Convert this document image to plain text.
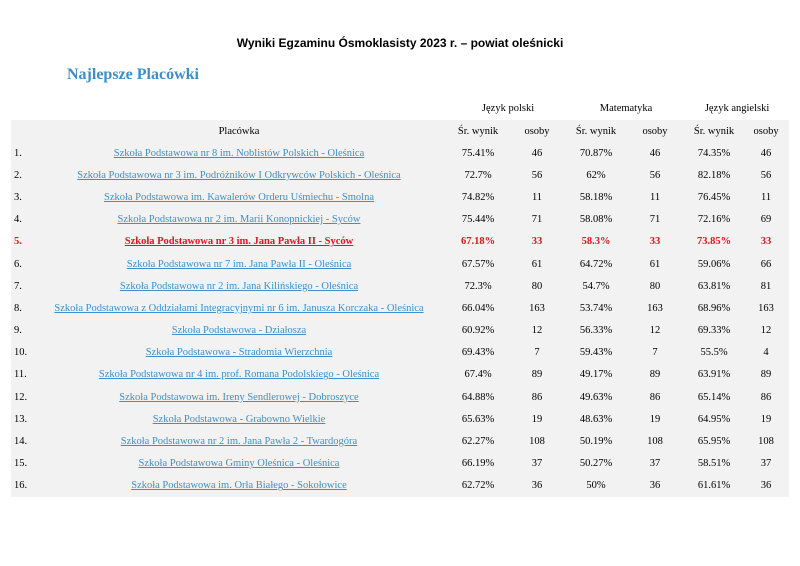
Wyniki Egzaminu Ósmoklasisty 2023 r. – powiat oleśnicki
Najlepsze Placówki
		Język polski		Matematyka		Język angielski	
	Placówka	Śr. wynik	osoby	Śr. wynik	osoby	Śr. wynik	osoby
1.	Szkoła Podstawowa nr 8 im. Noblistów Polskich - Oleśnica	75.41%	46	70.87%	46	74.35%	46
2.	Szkoła Podstawowa nr 3 im. Podróżników I Odkrywców Polskich - Oleśnica	72.7%	56	62%	56	82.18%	56
3.	Szkoła Podstawowa im. Kawalerów Orderu Uśmiechu - Smolna	74.82%	11	58.18%	11	76.45%	11
4.	Szkoła Podstawowa nr 2 im. Marii Konopnickiej - Syców	75.44%	71	58.08%	71	72.16%	69
5.	Szkoła Podstawowa nr 3 im. Jana Pawła II - Syców	67.18%	33	58.3%	33	73.85%	33
6.	Szkoła Podstawowa nr 7 im. Jana Pawła II - Oleśnica	67.57%	61	64.72%	61	59.06%	66
7.	Szkoła Podstawowa nr 2 im. Jana Kilińskiego - Oleśnica	72.3%	80	54.7%	80	63.81%	81
8.	Szkoła Podstawowa z Oddziałami Integracyjnymi nr 6 im. Janusza Korczaka - Oleśnica	66.04%	163	53.74%	163	68.96%	163
9.	Szkoła Podstawowa - Działosza	60.92%	12	56.33%	12	69.33%	12
10.	Szkoła Podstawowa - Stradomia Wierzchnia	69.43%	7	59.43%	7	55.5%	4
11.	Szkoła Podstawowa nr 4 im. prof. Romana Podolskiego - Oleśnica	67.4%	89	49.17%	89	63.91%	89
12.	Szkoła Podstawowa im. Ireny Sendlerowej - Dobroszyce	64.88%	86	49.63%	86	65.14%	86
13.	Szkoła Podstawowa - Grabowno Wielkie	65.63%	19	48.63%	19	64.95%	19
14.	Szkoła Podstawowa nr 2 im. Jana Pawła 2 - Twardogóra	62.27%	108	50.19%	108	65.95%	108
15.	Szkoła Podstawowa Gminy Oleśnica - Oleśnica	66.19%	37	50.27%	37	58.51%	37
16.	Szkoła Podstawowa im. Orła Białego - Sokołowice	62.72%	36	50%	36	61.61%	36
